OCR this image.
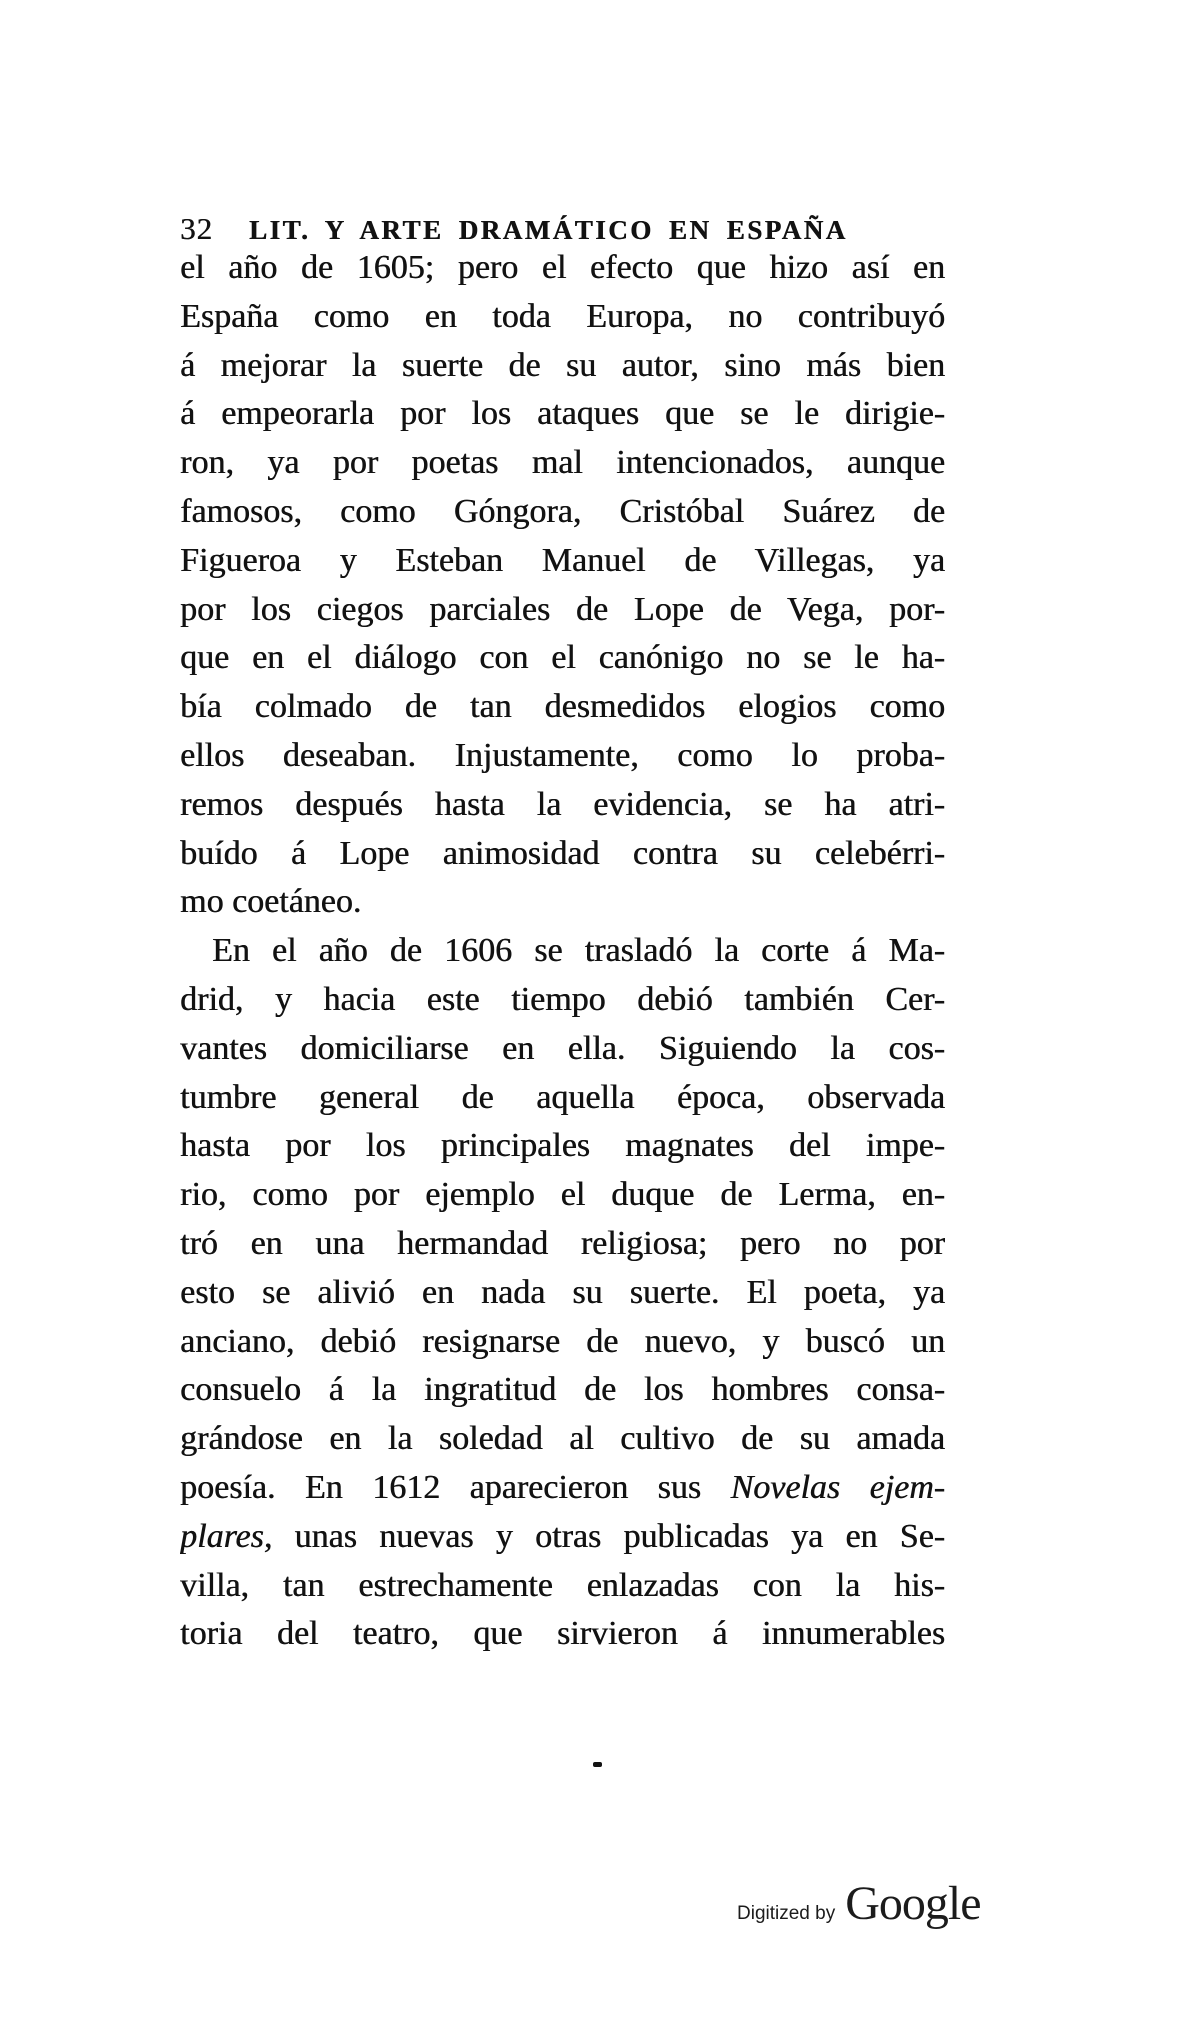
32 LIT. Y ARTE DRAMÁTICO EN ESPAÑA
el año de 1605; pero el efecto que hizo así en
España como en toda Europa, no contribuyó
á mejorar la suerte de su autor, sino más bien
á empeorarla por los ataques que se le dirigie-
ron, ya por poetas mal intencionados, aunque
famosos, como Góngora, Cristóbal Suárez de
Figueroa y Esteban Manuel de Villegas, ya
por los ciegos parciales de Lope de Vega, por-
que en el diálogo con el canónigo no se le ha-
bía colmado de tan desmedidos elogios como
ellos deseaban. Injustamente, como lo proba-
remos después hasta la evidencia, se ha atri-
buído á Lope animosidad contra su celebérri-
mo coetáneo.
En el año de 1606 se trasladó la corte á Ma-
drid, y hacia este tiempo debió también Cer-
vantes domiciliarse en ella. Siguiendo la cos-
tumbre general de aquella época, observada
hasta por los principales magnates del impe-
rio, como por ejemplo el duque de Lerma, en-
tró en una hermandad religiosa; pero no por
esto se alivió en nada su suerte. El poeta, ya
anciano, debió resignarse de nuevo, y buscó un
consuelo á la ingratitud de los hombres consa-
grándose en la soledad al cultivo de su amada
poesía. En 1612 aparecieron sus Novelas ejem-
plares, unas nuevas y otras publicadas ya en Se-
villa, tan estrechamente enlazadas con la his-
toria del teatro, que sirvieron á innumerables
Digitized by Google
